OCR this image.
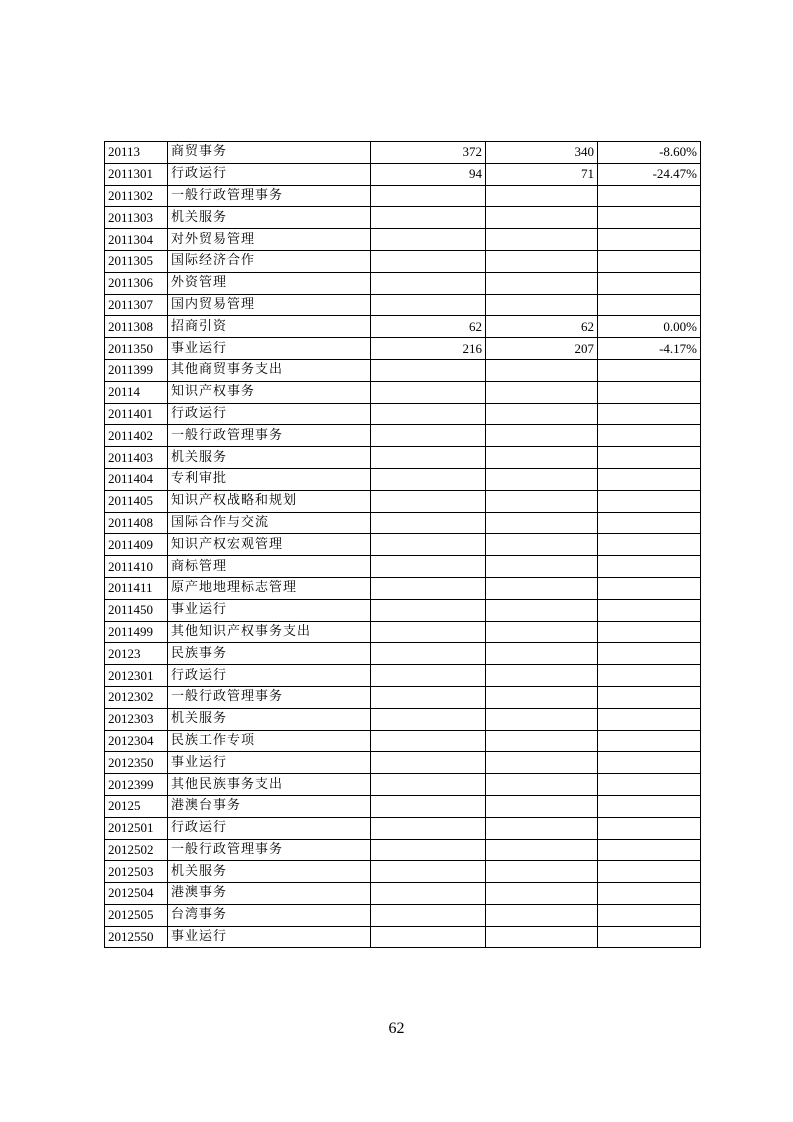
20113	商贸事务	372	340	-8.60%
2011301	行政运行	94	71	-24.47%
2011302	一般行政管理事务			
2011303	机关服务			
2011304	对外贸易管理			
2011305	国际经济合作			
2011306	外资管理			
2011307	国内贸易管理			
2011308	招商引资	62	62	0.00%
2011350	事业运行	216	207	-4.17%
2011399	其他商贸事务支出			
20114	知识产权事务			
2011401	行政运行			
2011402	一般行政管理事务			
2011403	机关服务			
2011404	专利审批			
2011405	知识产权战略和规划			
2011408	国际合作与交流			
2011409	知识产权宏观管理			
2011410	商标管理			
2011411	原产地地理标志管理			
2011450	事业运行			
2011499	其他知识产权事务支出			
20123	民族事务			
2012301	行政运行			
2012302	一般行政管理事务			
2012303	机关服务			
2012304	民族工作专项			
2012350	事业运行			
2012399	其他民族事务支出			
20125	港澳台事务			
2012501	行政运行			
2012502	一般行政管理事务			
2012503	机关服务			
2012504	港澳事务			
2012505	台湾事务			
2012550	事业运行			
62
